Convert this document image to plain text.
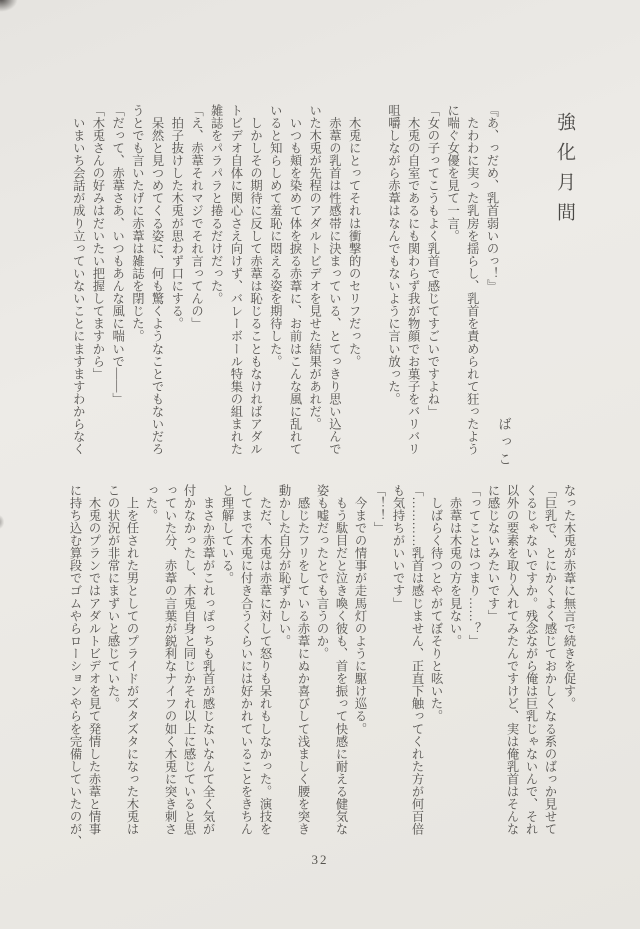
強化月間
ばっこ

『あ、っだめ、乳首弱いのっ！』

　たわわに実った乳房を揺らし、乳首を責められて狂ったよう

に喘ぐ女優を見て一言。

「女の子ってこうもよく乳首で感じてすごいですよね」

　木兎の自室であるにも関わらず我が物顔でお菓子をバリバリ

咀嚼しながら赤葦はなんでもないように言い放った。

　木兎にとってそれは衝撃的のセリフだった。

　赤葦の乳首は性感帯に決まっている、とてっきり思い込んで

いた木兎が先程のアダルトビデオを見せた結果があれだ。

　いつも頬を染めて体を捩る赤葦に、お前はこんな風に乱れて

いると知らしめて羞恥に悶える姿を期待した。

　しかしその期待に反して赤葦は恥じることもなければアダル

トビデオ自体に関心さえ向けず、バレーボール特集の組まれた

雑誌をパラパラと捲るだけだった。

「え、赤葦それマジでそれ言ってんの」

　拍子抜けした木兎が思わず口にする。

　呆然と見つめてくる姿に、何も驚くようなことでもないだろ

うとでも言いたげに赤葦は雑誌を閉じた。

「だって、赤葦さあ、いつもあんな風に喘いで――」

「木兎さんの好みはだいたい把握してますから」

　いまいち会話が成り立っていないことにますますわからなく

なった木兎が赤葦に無言で続きを促す。

「巨乳で、とにかくよく感じておかしくなる系のばっか見せて

くるじゃないですか。残念ながら俺は巨乳じゃないんで、それ

以外の要素を取り入れてみたんですけど、実は俺乳首はそんな

に感じないみたいです」

「ってことはつまり……？」

　赤葦は木兎の方を見ない。

　しばらく待つとやがてぼそりと呟いた。

「…………乳首は感じません、正直下触ってくれた方が何百倍

も気持ちがいいです」

「！！」

　今までの情事が走馬灯のように駆け巡る。

　もう駄目だと泣き喚く彼も、首を振って快感に耐える健気な

姿も嘘だったとでも言うのか。

　感じたフリをしている赤葦にぬか喜びして浅ましく腰を突き

動かした自分が恥ずかしい。

　ただ、木兎は赤葦に対して怒りも呆れもしなかった。演技を

してまで木兎に付き合うくらいには好かれていることをきちん

と理解している。

　まさか赤葦がこれっぽっちも乳首が感じないなんて全く気が

付かなかったし、木兎自身と同じかそれ以上に感じていると思

っていた分、赤葦の言葉が鋭利なナイフの如く木兎に突き刺さ

った。

　上を任された男としてのプライドがズタズタになった木兎は

この状況が非常にまずいと感じていた。

　木兎のプランではアダルトビデオを見て発情した赤葦と情事

に持ち込む算段でゴムやらローションやらを完備していたのが、

32
